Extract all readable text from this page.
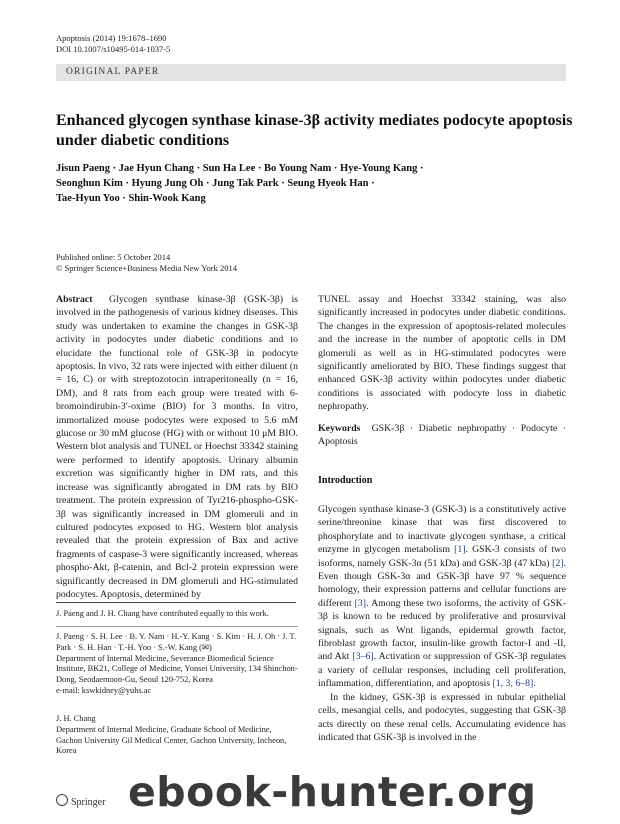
Apoptosis (2014) 19:1678–1690
DOI 10.1007/s10495-014-1037-5
ORIGINAL PAPER
Enhanced glycogen synthase kinase-3β activity mediates podocyte apoptosis under diabetic conditions
Jisun Paeng · Jae Hyun Chang · Sun Ha Lee · Bo Young Nam · Hye-Young Kang ·
Seonghun Kim · Hyung Jung Oh · Jung Tak Park · Seung Hyeok Han ·
Tae-Hyun Yoo · Shin-Wook Kang
Published online: 5 October 2014
© Springer Science+Business Media New York 2014

Abstract Glycogen synthase kinase-3β (GSK-3β) is involved in the pathogenesis of various kidney diseases. This study was undertaken to examine the changes in GSK-3β activity in podocytes under diabetic conditions and to elucidate the functional role of GSK-3β in podocyte apoptosis. In vivo, 32 rats were injected with either diluent (n = 16, C) or with streptozotocin intraperitoneally (n = 16, DM), and 8 rats from each group were treated with 6-bromoindirubin-3′-oxime (BIO) for 3 months. In vitro, immortalized mouse podocytes were exposed to 5.6 mM glucose or 30 mM glucose (HG) with or without 10 μM BIO. Western blot analysis and TUNEL or Hoechst 33342 staining were performed to identify apoptosis. Urinary albumin excretion was significantly higher in DM rats, and this increase was significantly abrogated in DM rats by BIO treatment. The protein expression of Tyr216-phospho-GSK-3β was significantly increased in DM glomeruli and in cultured podocytes exposed to HG. Western blot analysis revealed that the protein expression of Bax and active fragments of caspase-3 were significantly increased, whereas phospho-Akt, β-catenin, and Bcl-2 protein expression were significantly decreased in DM glomeruli and HG-stimulated podocytes. Apoptosis, determined by

J. Paeng and J. H. Chang have contributed equally to this work.

J. Paeng · S. H. Lee · B. Y. Nam · H.-Y. Kang · S. Kim · H. J. Oh · J. T. Park · S. H. Han · T.-H. Yoo · S.-W. Kang (✉)

Department of Internal Medicine, Severance Biomedical Science Institute, BK21, College of Medicine, Yonsei University, 134 Shinchon-Dong, Seodaemoon-Gu, Seoul 120-752, Korea

e-mail: kswkidney@yuhs.ac

J. H. Chang

Department of Internal Medicine, Graduate School of Medicine, Gachon University Gil Medical Center, Gachon University, Incheon, Korea

TUNEL assay and Hoechst 33342 staining, was also significantly increased in podocytes under diabetic conditions. The changes in the expression of apoptosis-related molecules and the increase in the number of apoptotic cells in DM glomeruli as well as in HG-stimulated podocytes were significantly ameliorated by BIO. These findings suggest that enhanced GSK-3β activity within podocytes under diabetic conditions is associated with podocyte loss in diabetic nephropathy.

Keywords GSK-3β · Diabetic nephropathy · Podocyte · Apoptosis

Introduction

Glycogen synthase kinase-3 (GSK-3) is a constitutively active serine/threonine kinase that was first discovered to phosphorylate and to inactivate glycogen synthase, a critical enzyme in glycogen metabolism [1]. GSK-3 consists of two isoforms, namely GSK-3α (51 kDa) and GSK-3β (47 kDa) [2]. Even though GSK-3α and GSK-3β have 97 % sequence homology, their expression patterns and cellular functions are different [3]. Among these two isoforms, the activity of GSK-3β is known to be reduced by proliferative and prosurvival signals, such as Wnt ligands, epidermal growth factor, fibroblast growth factor, insulin-like growth factor-I and -II, and Akt [3–6]. Activation or suppression of GSK-3β regulates a variety of cellular responses, including cell proliferation, inflammation, differentiation, and apoptosis [1, 3, 6–8].

In the kidney, GSK-3β is expressed in tubular epithelial cells, mesangial cells, and podocytes, suggesting that GSK-3β acts directly on these renal cells. Accumulating evidence has indicated that GSK-3β is involved in the

Springer ebook-hunter.org
